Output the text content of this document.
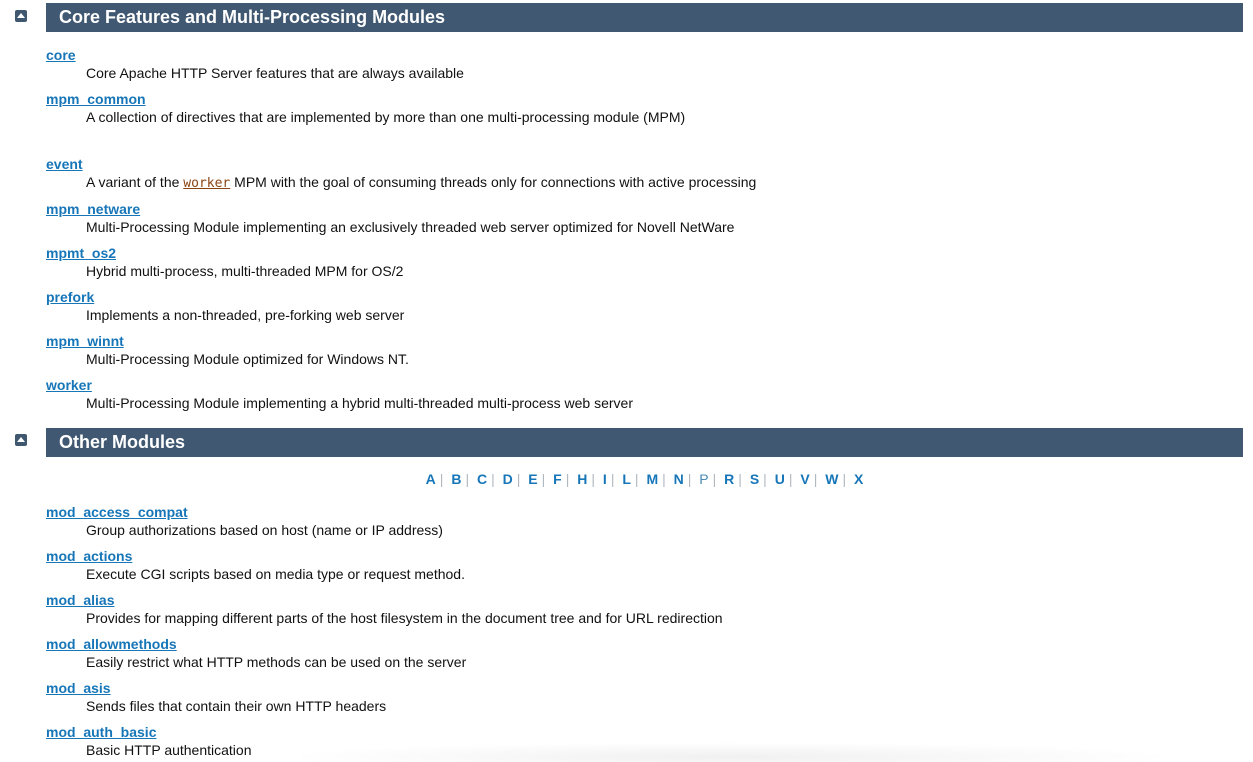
Core Features and Multi-Processing Modules
core
Core Apache HTTP Server features that are always available
mpm_common
A collection of directives that are implemented by more than one multi-processing module (MPM)
event
A variant of the worker MPM with the goal of consuming threads only for connections with active processing
mpm_netware
Multi-Processing Module implementing an exclusively threaded web server optimized for Novell NetWare
mpmt_os2
Hybrid multi-process, multi-threaded MPM for OS/2
prefork
Implements a non-threaded, pre-forking web server
mpm_winnt
Multi-Processing Module optimized for Windows NT.
worker
Multi-Processing Module implementing a hybrid multi-threaded multi-process web server
Other Modules
A | B | C | D | E | F | H | I | L | M | N | P | R | S | U | V | W | X
mod_access_compat
Group authorizations based on host (name or IP address)
mod_actions
Execute CGI scripts based on media type or request method.
mod_alias
Provides for mapping different parts of the host filesystem in the document tree and for URL redirection
mod_allowmethods
Easily restrict what HTTP methods can be used on the server
mod_asis
Sends files that contain their own HTTP headers
mod_auth_basic
Basic HTTP authentication
